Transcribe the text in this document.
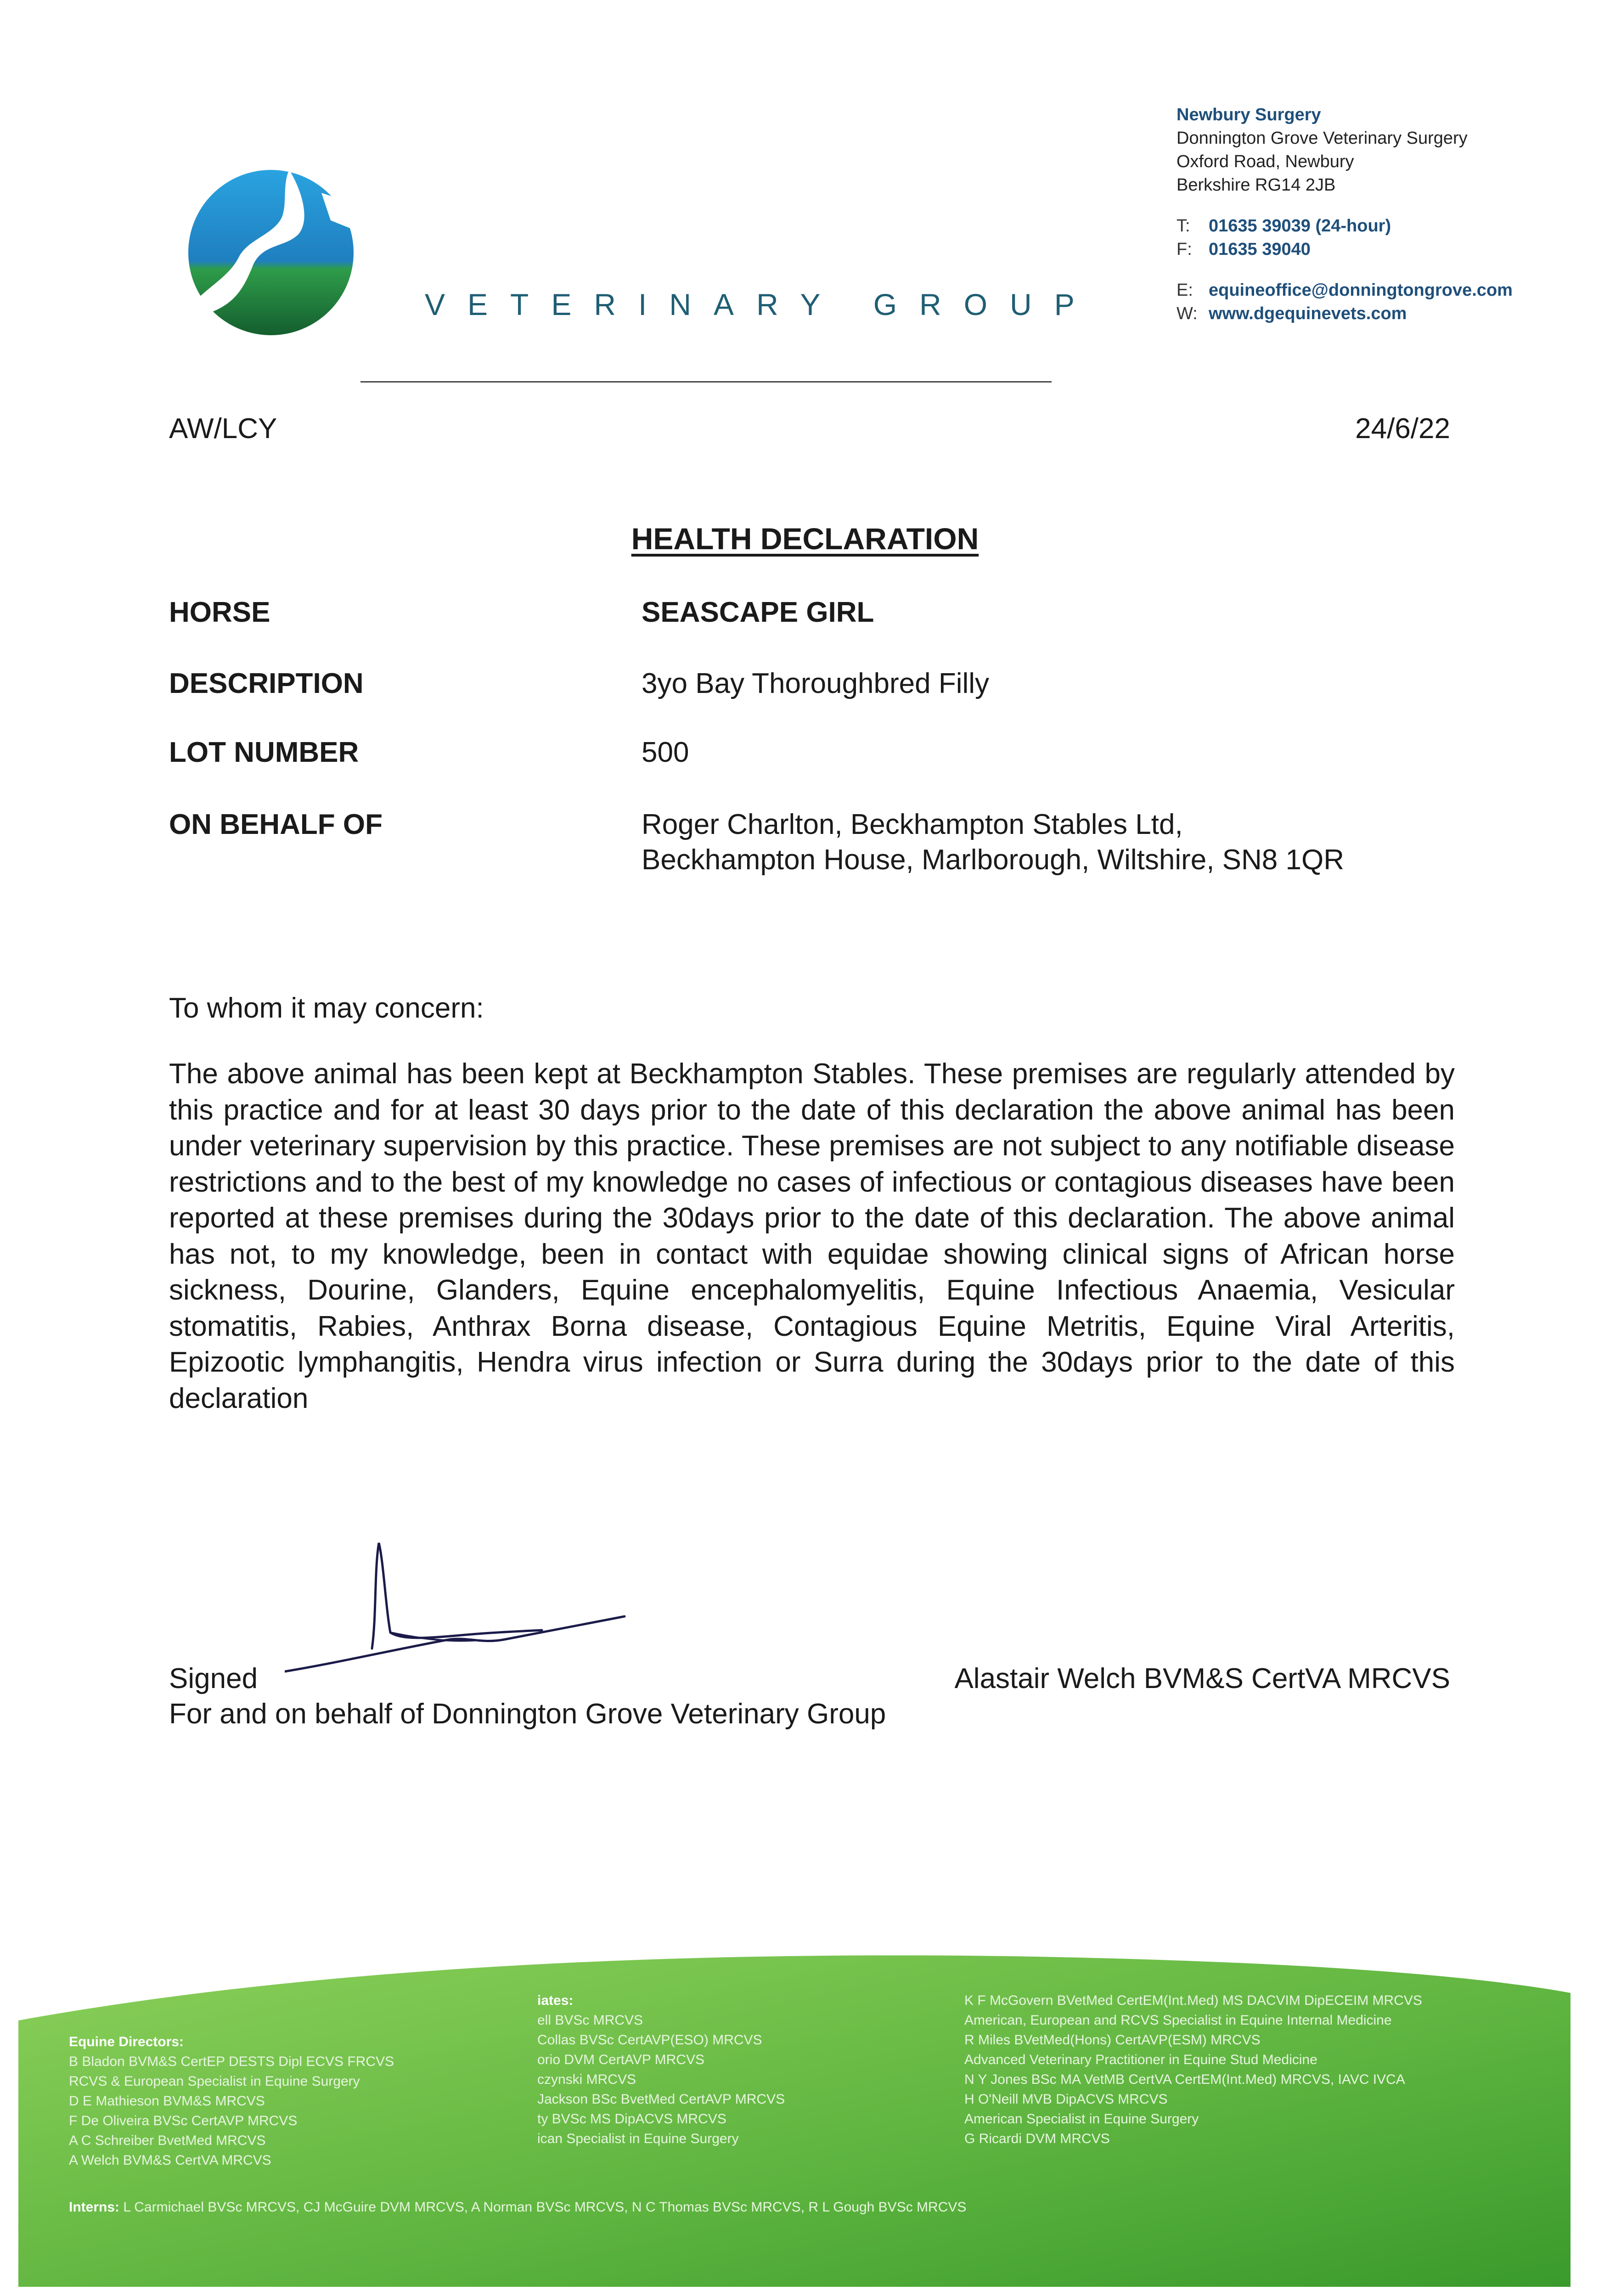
VETERINARY GROUP
Newbury Surgery
Donnington Grove Veterinary Surgery
Oxford Road, Newbury
Berkshire RG14 2JB
T: 01635 39039 (24-hour)
F: 01635 39040
E: equineoffice@donningtongrove.com
W: www.dgequinevets.com
AW/LCY	24/6/22
HEALTH DECLARATION
HORSE	SEASCAPE GIRL
DESCRIPTION	3yo Bay Thoroughbred Filly
LOT NUMBER	500
ON BEHALF OF	Roger Charlton, Beckhampton Stables Ltd,
Beckhampton House, Marlborough, Wiltshire, SN8 1QR
To whom it may concern:
The above animal has been kept at Beckhampton Stables. These premises are regularly attended by this practice and for at least 30 days prior to the date of this declaration the above animal has been under veterinary supervision by this practice. These premises are not subject to any notifiable disease restrictions and to the best of my knowledge no cases of infectious or contagious diseases have been reported at these premises during the 30days prior to the date of this declaration. The above animal has not, to my knowledge, been in contact with equidae showing clinical signs of African horse sickness, Dourine, Glanders, Equine encephalomyelitis, Equine Infectious Anaemia, Vesicular stomatitis, Rabies, Anthrax Borna disease, Contagious Equine Metritis, Equine Viral Arteritis, Epizootic lymphangitis, Hendra virus infection or Surra during the 30days prior to the date of this declaration
Signed	Alastair Welch BVM&S CertVA MRCVS
For and on behalf of Donnington Grove Veterinary Group
Equine Directors:
B Bladon BVM&S CertEP DESTS Dipl ECVS FRCVS
RCVS & European Specialist in Equine Surgery
D E Mathieson BVM&S MRCVS
F De Oliveira BVSc CertAVP MRCVS
A C Schreiber BvetMed MRCVS
A Welch BVM&S CertVA MRCVS
iates:
ell BVSc MRCVS
Collas BVSc CertAVP(ESO) MRCVS
orio DVM CertAVP MRCVS
czynski MRCVS
Jackson BSc BvetMed CertAVP MRCVS
ty BVSc MS DipACVS MRCVS
ican Specialist in Equine Surgery
K F McGovern BVetMed CertEM(Int.Med) MS DACVIM DipECEIM MRCVS
American, European and RCVS Specialist in Equine Internal Medicine
R Miles BVetMed(Hons) CertAVP(ESM) MRCVS
Advanced Veterinary Practitioner in Equine Stud Medicine
N Y Jones BSc MA VetMB CertVA CertEM(Int.Med) MRCVS, IAVC IVCA
H O'Neill MVB DipACVS MRCVS
American Specialist in Equine Surgery
G Ricardi DVM MRCVS
Interns: L Carmichael BVSc MRCVS, CJ McGuire DVM MRCVS, A Norman BVSc MRCVS, N C Thomas BVSc MRCVS, R L Gough BVSc MRCVS
